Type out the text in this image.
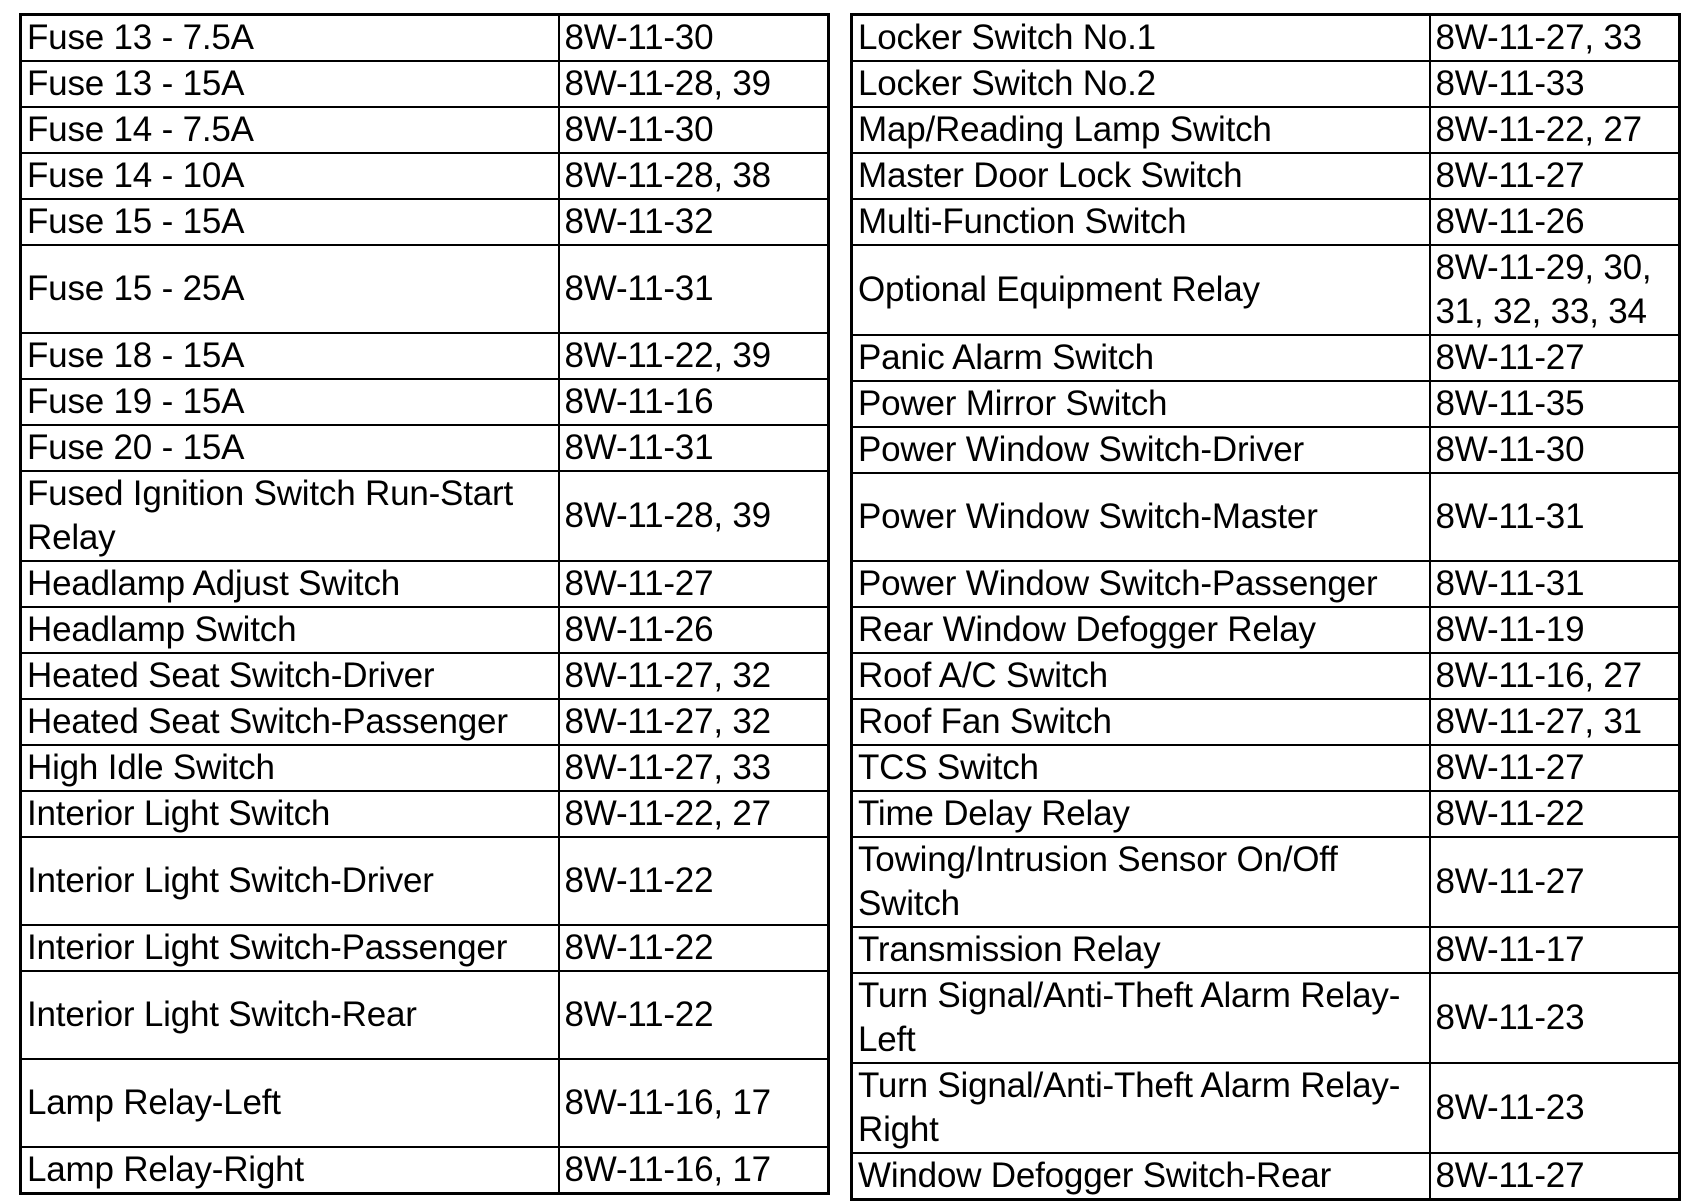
Fuse 13 - 7.5A	8W-11-30
Fuse 13 - 15A	8W-11-28, 39
Fuse 14 - 7.5A	8W-11-30
Fuse 14 - 10A	8W-11-28, 38
Fuse 15 - 15A	8W-11-32
Fuse 15 - 25A	8W-11-31
Fuse 18 - 15A	8W-11-22, 39
Fuse 19 - 15A	8W-11-16
Fuse 20 - 15A	8W-11-31
Fused Ignition Switch Run-Start Relay	8W-11-28, 39
Headlamp Adjust Switch	8W-11-27
Headlamp Switch	8W-11-26
Heated Seat Switch-Driver	8W-11-27, 32
Heated Seat Switch-Passenger	8W-11-27, 32
High Idle Switch	8W-11-27, 33
Interior Light Switch	8W-11-22, 27
Interior Light Switch-Driver	8W-11-22
Interior Light Switch-Passenger	8W-11-22
Interior Light Switch-Rear	8W-11-22
Lamp Relay-Left	8W-11-16, 17
Lamp Relay-Right	8W-11-16, 17
Locker Switch No.1	8W-11-27, 33
Locker Switch No.2	8W-11-33
Map/Reading Lamp Switch	8W-11-22, 27
Master Door Lock Switch	8W-11-27
Multi-Function Switch	8W-11-26
Optional Equipment Relay	8W-11-29, 30, 31, 32, 33, 34
Panic Alarm Switch	8W-11-27
Power Mirror Switch	8W-11-35
Power Window Switch-Driver	8W-11-30
Power Window Switch-Master	8W-11-31
Power Window Switch-Passenger	8W-11-31
Rear Window Defogger Relay	8W-11-19
Roof A/C Switch	8W-11-16, 27
Roof Fan Switch	8W-11-27, 31
TCS Switch	8W-11-27
Time Delay Relay	8W-11-22
Towing/Intrusion Sensor On/Off Switch	8W-11-27
Transmission Relay	8W-11-17
Turn Signal/Anti-Theft Alarm Relay-Left	8W-11-23
Turn Signal/Anti-Theft Alarm Relay-Right	8W-11-23
Window Defogger Switch-Rear	8W-11-27
